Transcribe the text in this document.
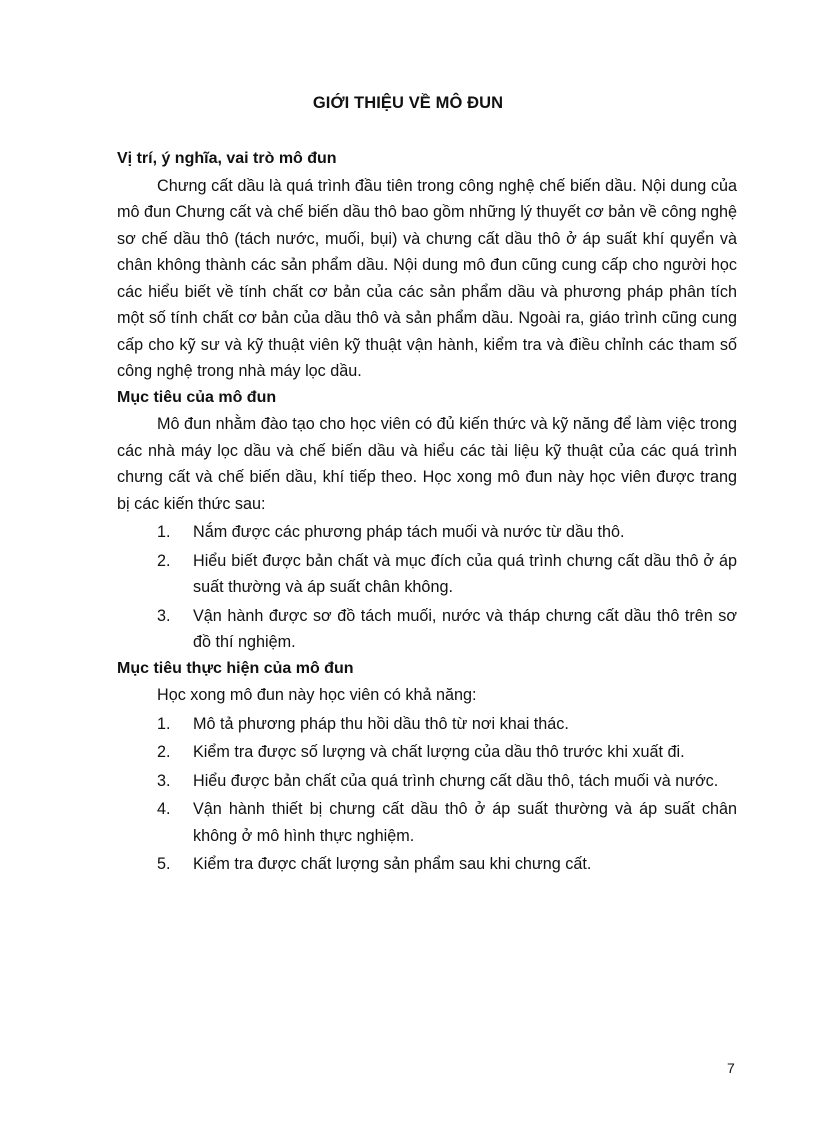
GIỚI THIỆU VỀ MÔ ĐUN

Vị trí, ý nghĩa, vai trò mô đun

Chưng cất dầu là quá trình đầu tiên trong công nghệ chế biến dầu. Nội dung của mô đun Chưng cất và chế biến dầu thô bao gồm những lý thuyết cơ bản về công nghệ sơ chế dầu thô (tách nước, muối, bụi) và chưng cất dầu thô ở áp suất khí quyển và chân không thành các sản phẩm dầu. Nội dung mô đun cũng cung cấp cho người học các hiểu biết về tính chất cơ bản của các sản phẩm dầu và phương pháp phân tích một số tính chất cơ bản của dầu thô và sản phẩm dầu. Ngoài ra, giáo trình cũng cung cấp cho kỹ sư và kỹ thuật viên kỹ thuật vận hành, kiểm tra và điều chỉnh các tham số công nghệ trong nhà máy lọc dầu.

Mục tiêu của mô đun

Mô đun nhằm đào tạo cho học viên có đủ kiến thức và kỹ năng để làm việc trong các nhà máy lọc dầu và chế biến dầu và hiểu các tài liệu kỹ thuật của các quá trình chưng cất và chế biến dầu, khí tiếp theo. Học xong mô đun này học viên được trang bị các kiến thức sau:

1.	Nắm được các phương pháp tách muối và nước từ dầu thô.
2.	Hiểu biết được bản chất và mục đích của quá trình chưng cất dầu thô ở áp suất thường và áp suất chân không.
3.	Vận hành được sơ đồ tách muối, nước và tháp chưng cất dầu thô trên sơ đồ thí nghiệm.

Mục tiêu thực hiện của mô đun

Học xong mô đun này học viên có khả năng:

1.	Mô tả phương pháp thu hồi dầu thô từ nơi khai thác.
2.	Kiểm tra được số lượng và chất lượng của dầu thô trước khi xuất đi.
3.	Hiểu được bản chất của quá trình chưng cất dầu thô, tách muối và nước.
4.	Vận hành thiết bị chưng cất dầu thô ở áp suất thường và áp suất chân không ở mô hình thực nghiệm.
5.	Kiểm tra được chất lượng sản phẩm sau khi chưng cất.
7
